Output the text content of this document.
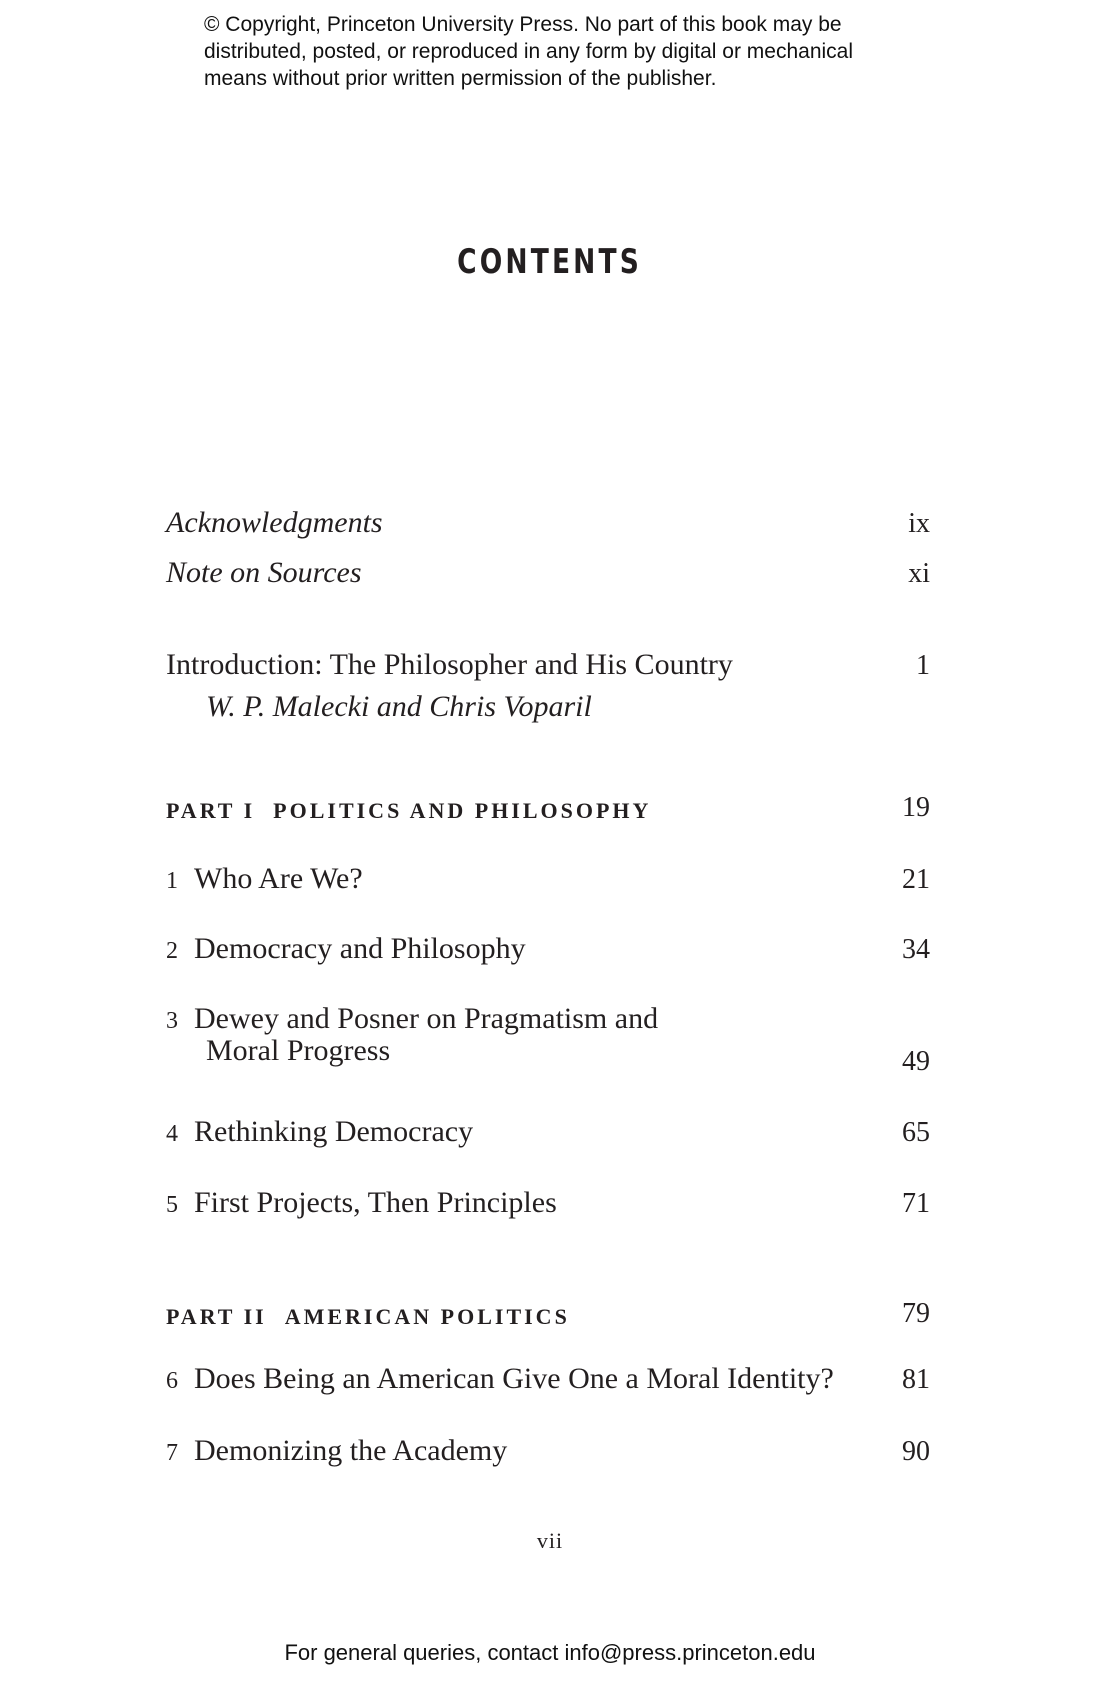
© Copyright, Princeton University Press. No part of this book may be
distributed, posted, or reproduced in any form by digital or mechanical
means without prior written permission of the publisher.
CONTENTS
Acknowledgments	ix
Note on Sources	xi
Introduction: The Philosopher and His Country	1
W. P. Malecki and Chris Voparil
PART I POLITICS AND PHILOSOPHY	19
1 Who Are We?	21
2 Democracy and Philosophy	34
3 Dewey and Posner on Pragmatism and
Moral Progress	49
4 Rethinking Democracy	65
5 First Projects, Then Principles	71
PART II AMERICAN POLITICS	79
6 Does Being an American Give One a Moral Identity? 81
7 Demonizing the Academy	90
vii
For general queries, contact info@press.princeton.edu
